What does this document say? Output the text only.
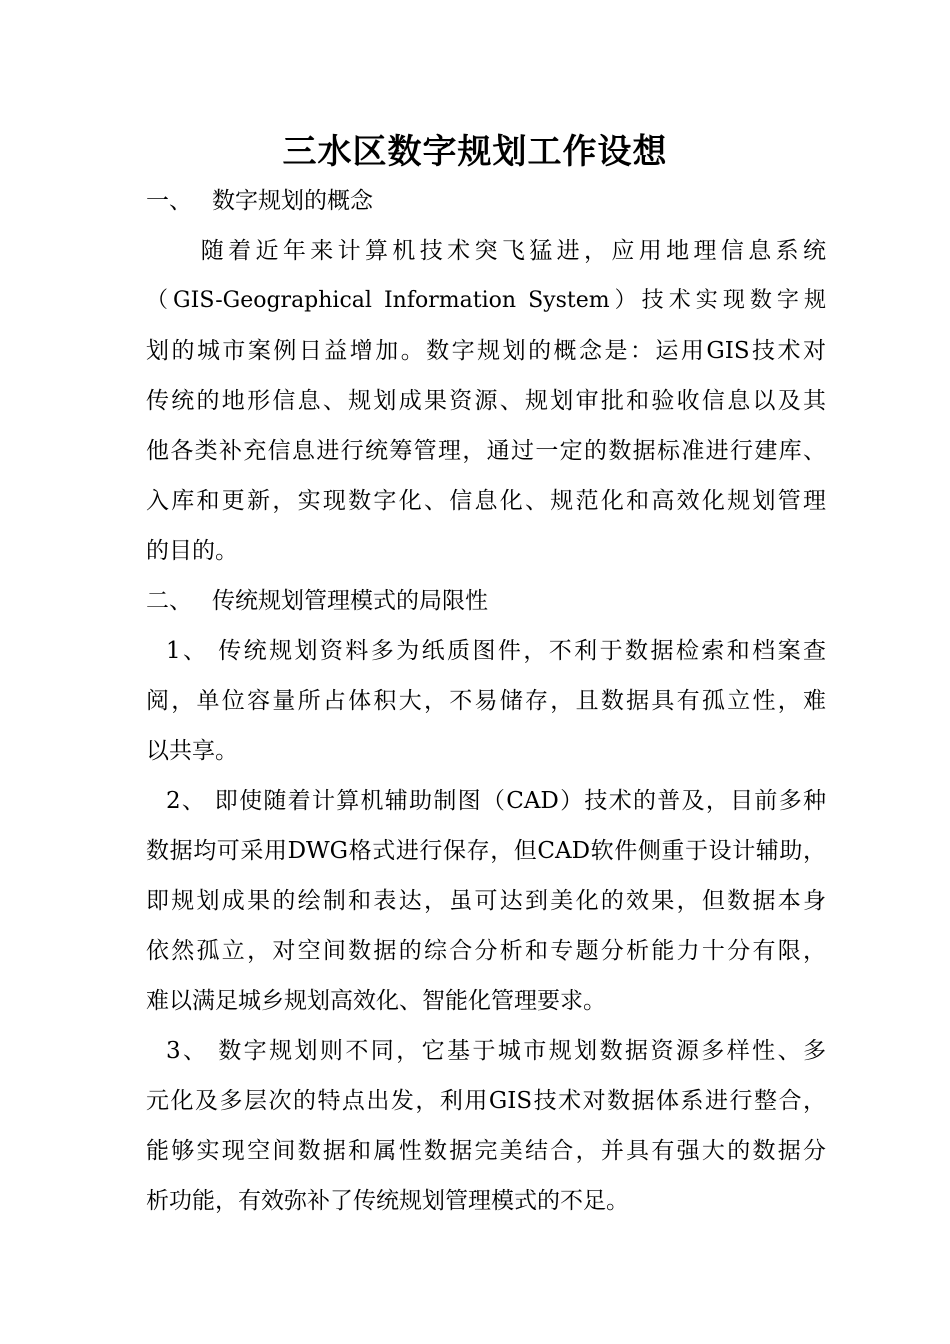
三水区数字规划工作设想
一、 数字规划的概念
　　随着近年来计算机技术突飞猛进，应用地理信息系统
（GIS-Geographical Information System）技术实现数字规
划的城市案例日益增加。数字规划的概念是：运用GIS技术对
传统的地形信息、规划成果资源、规划审批和验收信息以及其
他各类补充信息进行统筹管理，通过一定的数据标准进行建库、
入库和更新，实现数字化、信息化、规范化和高效化规划管理
的目的。
二、 传统规划管理模式的局限性
1、 传统规划资料多为纸质图件，不利于数据检索和档案查
阅，单位容量所占体积大，不易储存，且数据具有孤立性，难
以共享。
2、 即使随着计算机辅助制图（CAD）技术的普及，目前多种
数据均可采用DWG格式进行保存，但CAD软件侧重于设计辅助，
即规划成果的绘制和表达，虽可达到美化的效果，但数据本身
依然孤立，对空间数据的综合分析和专题分析能力十分有限，
难以满足城乡规划高效化、智能化管理要求。
3、 数字规划则不同，它基于城市规划数据资源多样性、多
元化及多层次的特点出发，利用GIS技术对数据体系进行整合，
能够实现空间数据和属性数据完美结合，并具有强大的数据分
析功能，有效弥补了传统规划管理模式的不足。
